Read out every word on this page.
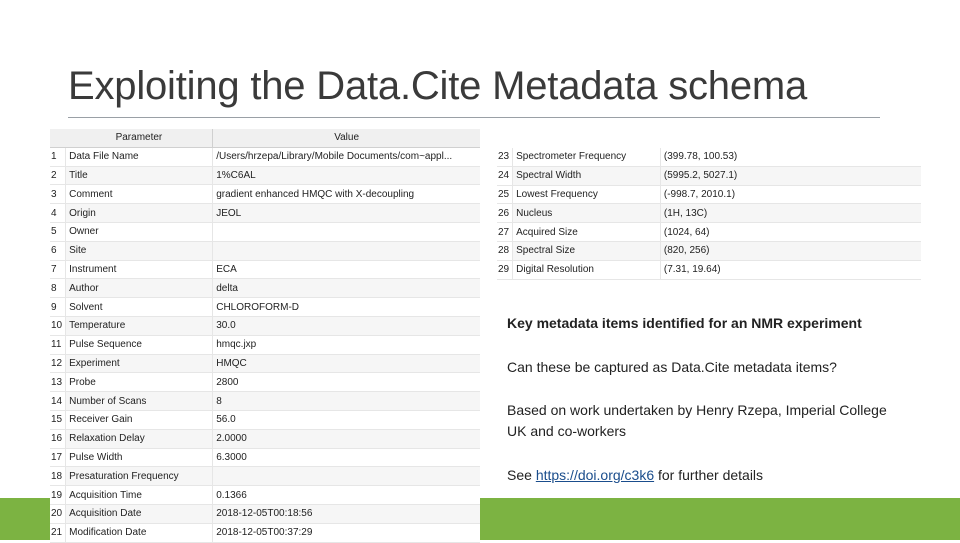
Exploiting the Data.Cite Metadata schema
	Parameter	Value
1	Data File Name	/Users/hrzepa/Library/Mobile Documents/com~appl...
2	Title	1%C6AL
3	Comment	gradient enhanced HMQC with X-decoupling
4	Origin	JEOL
5	Owner	
6	Site	
7	Instrument	ECA
8	Author	delta
9	Solvent	CHLOROFORM-D
10	Temperature	30.0
11	Pulse Sequence	hmqc.jxp
12	Experiment	HMQC
13	Probe	2800
14	Number of Scans	8
15	Receiver Gain	56.0
16	Relaxation Delay	2.0000
17	Pulse Width	6.3000
18	Presaturation Frequency	
19	Acquisition Time	0.1366
20	Acquisition Date	2018-12-05T00:18:56
21	Modification Date	2018-12-05T00:37:29
23	Spectrometer Frequency	(399.78, 100.53)
24	Spectral Width	(5995.2, 5027.1)
25	Lowest Frequency	(-998.7, 2010.1)
26	Nucleus	(1H, 13C)
27	Acquired Size	(1024, 64)
28	Spectral Size	(820, 256)
29	Digital Resolution	(7.31, 19.64)
Key metadata items identified for an NMR experiment
Can these be captured as Data.Cite metadata items?
Based on work undertaken by Henry Rzepa, Imperial College UK and co-workers
See https://doi.org/c3k6 for further details
